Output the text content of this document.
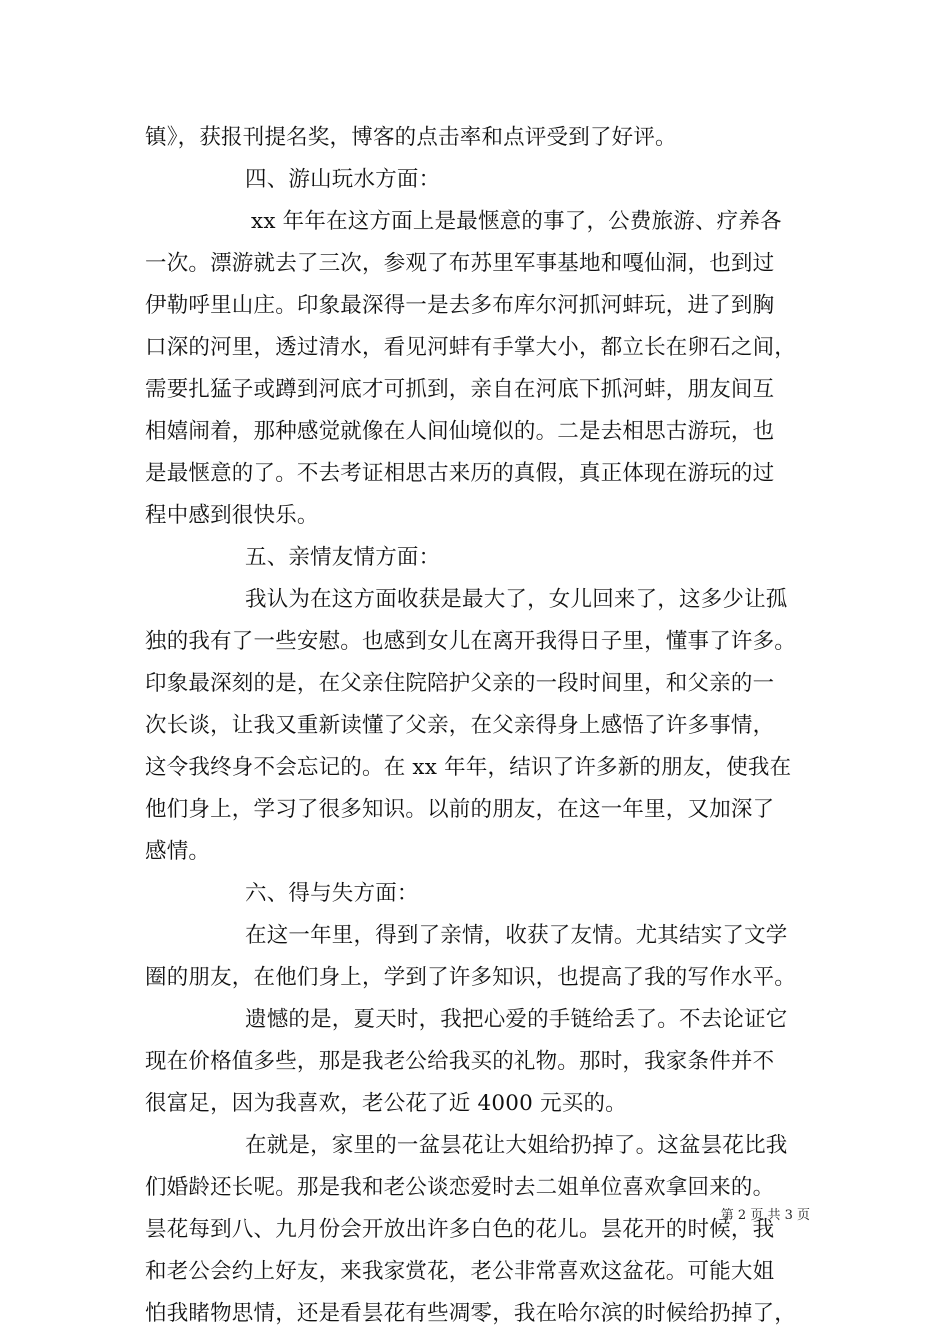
镇》，获报刊提名奖，博客的点击率和点评受到了好评。
四、游山玩水方面：
xx 年年在这方面上是最惬意的事了，公费旅游、疗养各
一次。漂游就去了三次，参观了布苏里军事基地和嘎仙洞，也到过
伊勒呼里山庄。印象最深得一是去多布库尔河抓河蚌玩，进了到胸
口深的河里，透过清水，看见河蚌有手掌大小，都立长在卵石之间，
需要扎猛子或蹲到河底才可抓到，亲自在河底下抓河蚌，朋友间互
相嬉闹着，那种感觉就像在人间仙境似的。二是去相思古游玩，也
是最惬意的了。不去考证相思古来历的真假，真正体现在游玩的过
程中感到很快乐。
五、亲情友情方面：
我认为在这方面收获是最大了，女儿回来了，这多少让孤
独的我有了一些安慰。也感到女儿在离开我得日子里，懂事了许多。
印象最深刻的是，在父亲住院陪护父亲的一段时间里，和父亲的一
次长谈，让我又重新读懂了父亲，在父亲得身上感悟了许多事情，
这令我终身不会忘记的。在 xx 年年，结识了许多新的朋友，使我在
他们身上，学习了很多知识。以前的朋友，在这一年里，又加深了
感情。
六、得与失方面：
在这一年里，得到了亲情，收获了友情。尤其结实了文学
圈的朋友，在他们身上，学到了许多知识，也提高了我的写作水平。
遗憾的是，夏天时，我把心爱的手链给丢了。不去论证它
现在价格值多些，那是我老公给我买的礼物。那时，我家条件并不
很富足，因为我喜欢，老公花了近 4000 元买的。
在就是，家里的一盆昙花让大姐给扔掉了。这盆昙花比我
们婚龄还长呢。那是我和老公谈恋爱时去二姐单位喜欢拿回来的。
昙花每到八、九月份会开放出许多白色的花儿。昙花开的时候，我
和老公会约上好友，来我家赏花，老公非常喜欢这盆花。可能大姐
怕我睹物思情，还是看昙花有些凋零，我在哈尔滨的时候给扔掉了，
第 2 页 共 3 页
